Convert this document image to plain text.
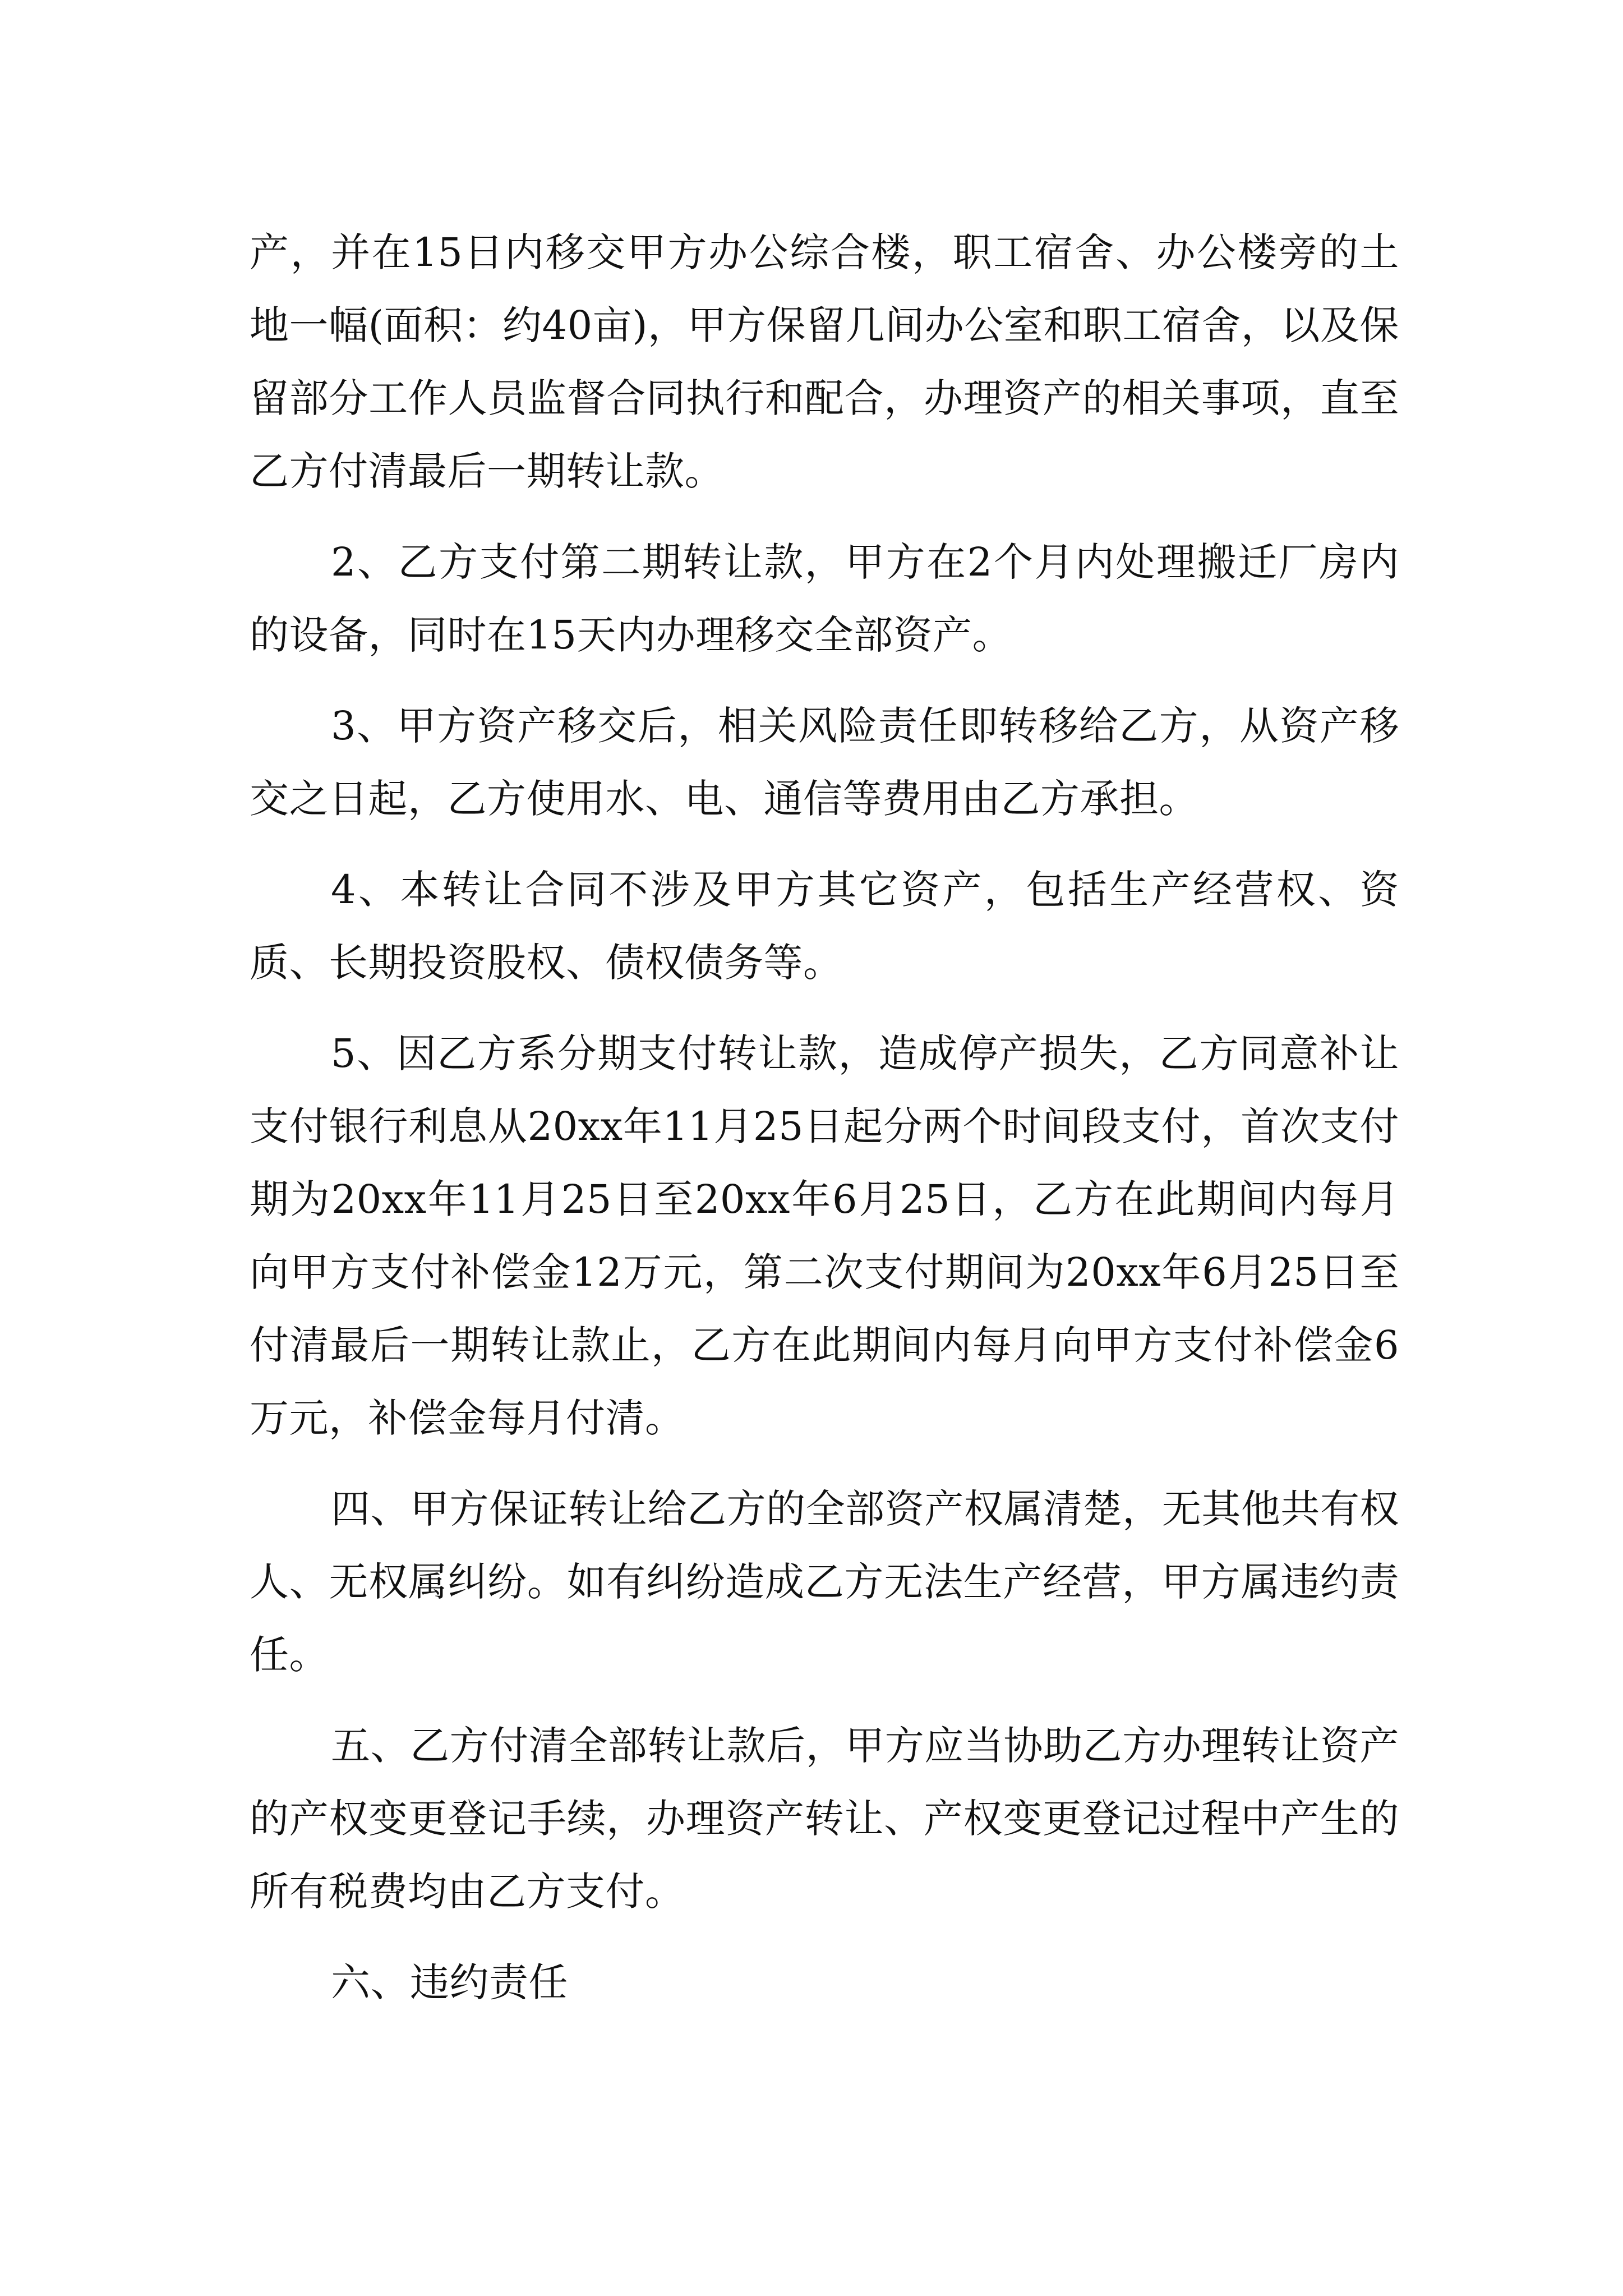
产，并在15日内移交甲方办公综合楼，职工宿舍、办公楼旁的土地一幅(面积：约40亩)，甲方保留几间办公室和职工宿舍，以及保留部分工作人员监督合同执行和配合，办理资产的相关事项，直至乙方付清最后一期转让款。

2、乙方支付第二期转让款，甲方在2个月内处理搬迁厂房内的设备，同时在15天内办理移交全部资产。

3、甲方资产移交后，相关风险责任即转移给乙方，从资产移交之日起，乙方使用水、电、通信等费用由乙方承担。

4、本转让合同不涉及甲方其它资产，包括生产经营权、资质、长期投资股权、债权债务等。

5、因乙方系分期支付转让款，造成停产损失，乙方同意补让支付银行利息从20xx年11月25日起分两个时间段支付，首次支付期为20xx年11月25日至20xx年6月25日，乙方在此期间内每月向甲方支付补偿金12万元，第二次支付期间为20xx年6月25日至付清最后一期转让款止，乙方在此期间内每月向甲方支付补偿金6万元，补偿金每月付清。

四、甲方保证转让给乙方的全部资产权属清楚，无其他共有权人、无权属纠纷。如有纠纷造成乙方无法生产经营，甲方属违约责任。

五、乙方付清全部转让款后，甲方应当协助乙方办理转让资产的产权变更登记手续，办理资产转让、产权变更登记过程中产生的所有税费均由乙方支付。

六、违约责任
